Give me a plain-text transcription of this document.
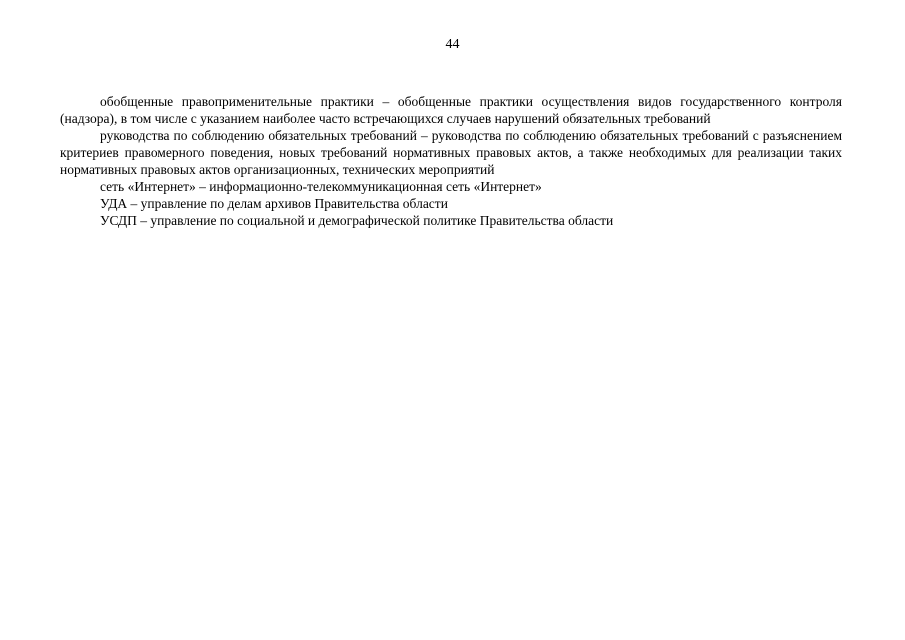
44

обобщенные правоприменительные практики – обобщенные практики осуществления видов государственного контроля (надзора), в том числе с указанием наиболее часто встречающихся случаев нарушений обязательных требований

руководства по соблюдению обязательных требований – руководства по соблюдению обязательных требований с разъяснением критериев правомерного поведения, новых требований нормативных правовых актов, а также необходимых для реализации таких нормативных правовых актов организационных, технических мероприятий

сеть «Интернет» – информационно-телекоммуникационная сеть «Интернет»

УДА – управление по делам архивов Правительства области

УСДП – управление по социальной и демографической политике Правительства области
